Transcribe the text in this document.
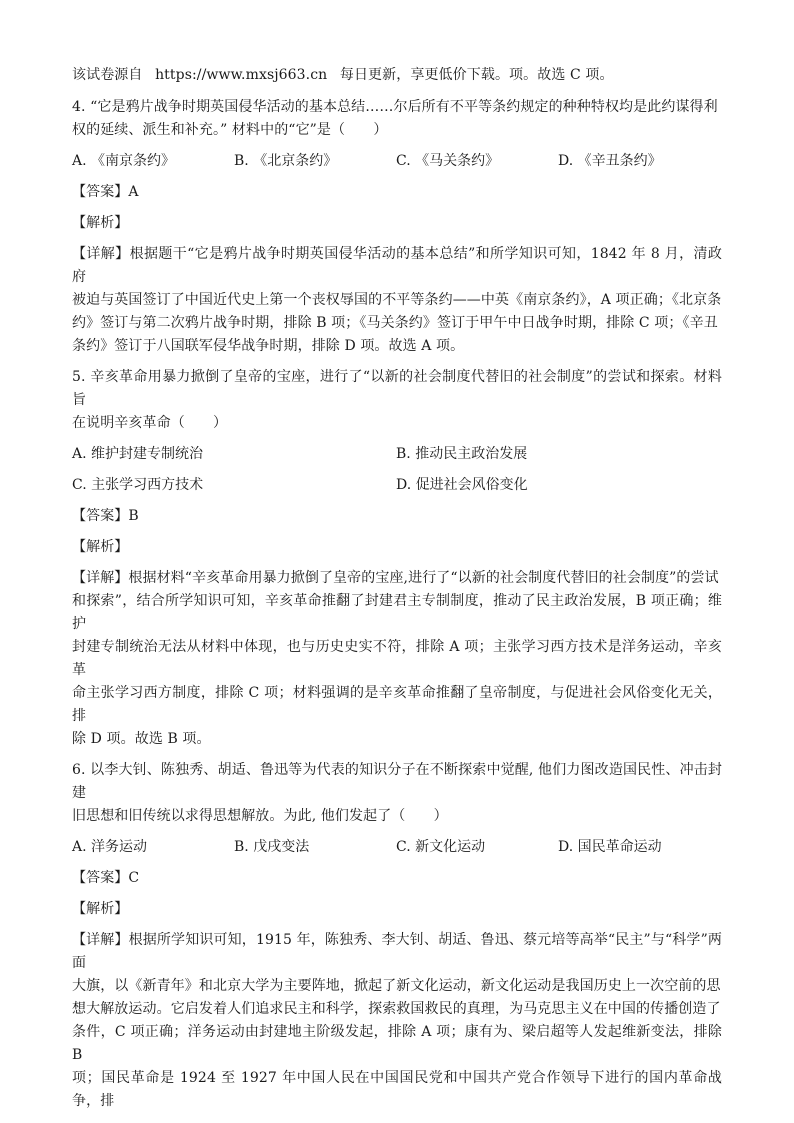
该试卷源自 https://www.mxsj663.cn 每日更新，享更低价下载。项。故选 C 项。

4. “它是鸦片战争时期英国侵华活动的基本总结……尔后所有不平等条约规定的种种特权均是此约谋得利

权的延续、派生和补充。” 材料中的“它”是（　　）

A. 《南京条约》	B. 《北京条约》	C. 《马关条约》	D. 《辛丑条约》

【答案】A

【解析】

【详解】根据题干“它是鸦片战争时期英国侵华活动的基本总结”和所学知识可知，1842 年 8 月，清政府

被迫与英国签订了中国近代史上第一个丧权辱国的不平等条约——中英《南京条约》，A 项正确；《北京条

约》签订与第二次鸦片战争时期，排除 B 项；《马关条约》签订于甲午中日战争时期，排除 C 项；《辛丑

条约》签订于八国联军侵华战争时期，排除 D 项。故选 A 项。

5. 辛亥革命用暴力掀倒了皇帝的宝座，进行了“以新的社会制度代替旧的社会制度”的尝试和探索。材料旨

在说明辛亥革命（　　）

A. 维护封建专制统治	B. 推动民主政治发展
C. 主张学习西方技术	D. 促进社会风俗变化

【答案】B

【解析】

【详解】根据材料“辛亥革命用暴力掀倒了皇帝的宝座,进行了“以新的社会制度代替旧的社会制度”的尝试

和探索”，结合所学知识可知，辛亥革命推翻了封建君主专制制度，推动了民主政治发展，B 项正确；维护

封建专制统治无法从材料中体现，也与历史史实不符，排除 A 项；主张学习西方技术是洋务运动，辛亥革

命主张学习西方制度，排除 C 项；材料强调的是辛亥革命推翻了皇帝制度，与促进社会风俗变化无关，排

除 D 项。故选 B 项。

6. 以李大钊、陈独秀、胡适、鲁迅等为代表的知识分子在不断探索中觉醒, 他们力图改造国民性、冲击封建

旧思想和旧传统以求得思想解放。为此, 他们发起了（　　）

A. 洋务运动	B. 戊戌变法	C. 新文化运动	D. 国民革命运动

【答案】C

【解析】

【详解】根据所学知识可知，1915 年，陈独秀、李大钊、胡适、鲁迅、蔡元培等高举“民主”与“科学”两面

大旗，以《新青年》和北京大学为主要阵地，掀起了新文化运动，新文化运动是我国历史上一次空前的思

想大解放运动。它启发着人们追求民主和科学，探索救国救民的真理，为马克思主义在中国的传播创造了

条件，C 项正确；洋务运动由封建地主阶级发起，排除 A 项；康有为、梁启超等人发起维新变法，排除 B

项；国民革命是 1924 至 1927 年中国人民在中国国民党和中国共产党合作领导下进行的国内革命战争，排
